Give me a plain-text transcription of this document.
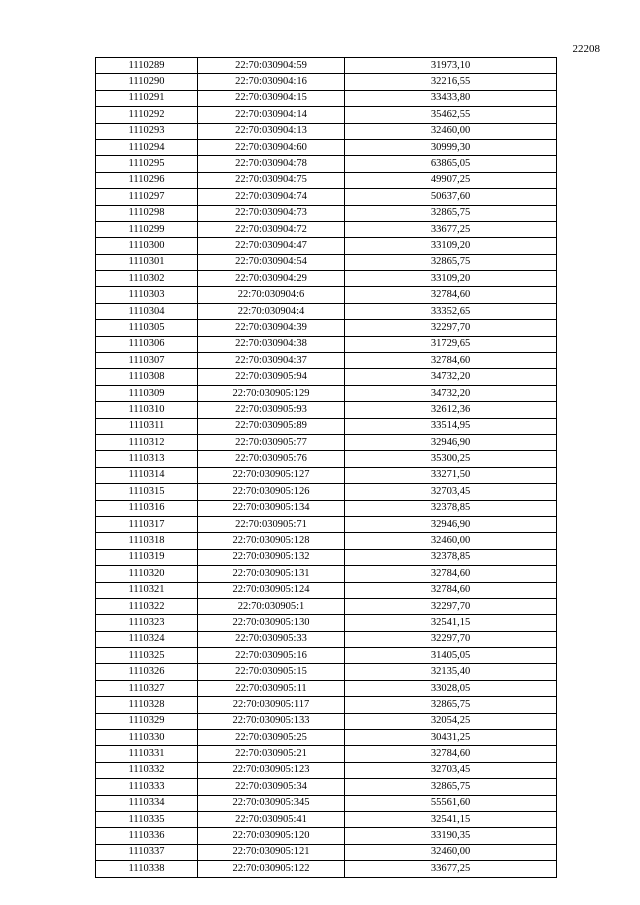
22208
1110289	22:70:030904:59	31973,10
1110290	22:70:030904:16	32216,55
1110291	22:70:030904:15	33433,80
1110292	22:70:030904:14	35462,55
1110293	22:70:030904:13	32460,00
1110294	22:70:030904:60	30999,30
1110295	22:70:030904:78	63865,05
1110296	22:70:030904:75	49907,25
1110297	22:70:030904:74	50637,60
1110298	22:70:030904:73	32865,75
1110299	22:70:030904:72	33677,25
1110300	22:70:030904:47	33109,20
1110301	22:70:030904:54	32865,75
1110302	22:70:030904:29	33109,20
1110303	22:70:030904:6	32784,60
1110304	22:70:030904:4	33352,65
1110305	22:70:030904:39	32297,70
1110306	22:70:030904:38	31729,65
1110307	22:70:030904:37	32784,60
1110308	22:70:030905:94	34732,20
1110309	22:70:030905:129	34732,20
1110310	22:70:030905:93	32612,36
1110311	22:70:030905:89	33514,95
1110312	22:70:030905:77	32946,90
1110313	22:70:030905:76	35300,25
1110314	22:70:030905:127	33271,50
1110315	22:70:030905:126	32703,45
1110316	22:70:030905:134	32378,85
1110317	22:70:030905:71	32946,90
1110318	22:70:030905:128	32460,00
1110319	22:70:030905:132	32378,85
1110320	22:70:030905:131	32784,60
1110321	22:70:030905:124	32784,60
1110322	22:70:030905:1	32297,70
1110323	22:70:030905:130	32541,15
1110324	22:70:030905:33	32297,70
1110325	22:70:030905:16	31405,05
1110326	22:70:030905:15	32135,40
1110327	22:70:030905:11	33028,05
1110328	22:70:030905:117	32865,75
1110329	22:70:030905:133	32054,25
1110330	22:70:030905:25	30431,25
1110331	22:70:030905:21	32784,60
1110332	22:70:030905:123	32703,45
1110333	22:70:030905:34	32865,75
1110334	22:70:030905:345	55561,60
1110335	22:70:030905:41	32541,15
1110336	22:70:030905:120	33190,35
1110337	22:70:030905:121	32460,00
1110338	22:70:030905:122	33677,25
